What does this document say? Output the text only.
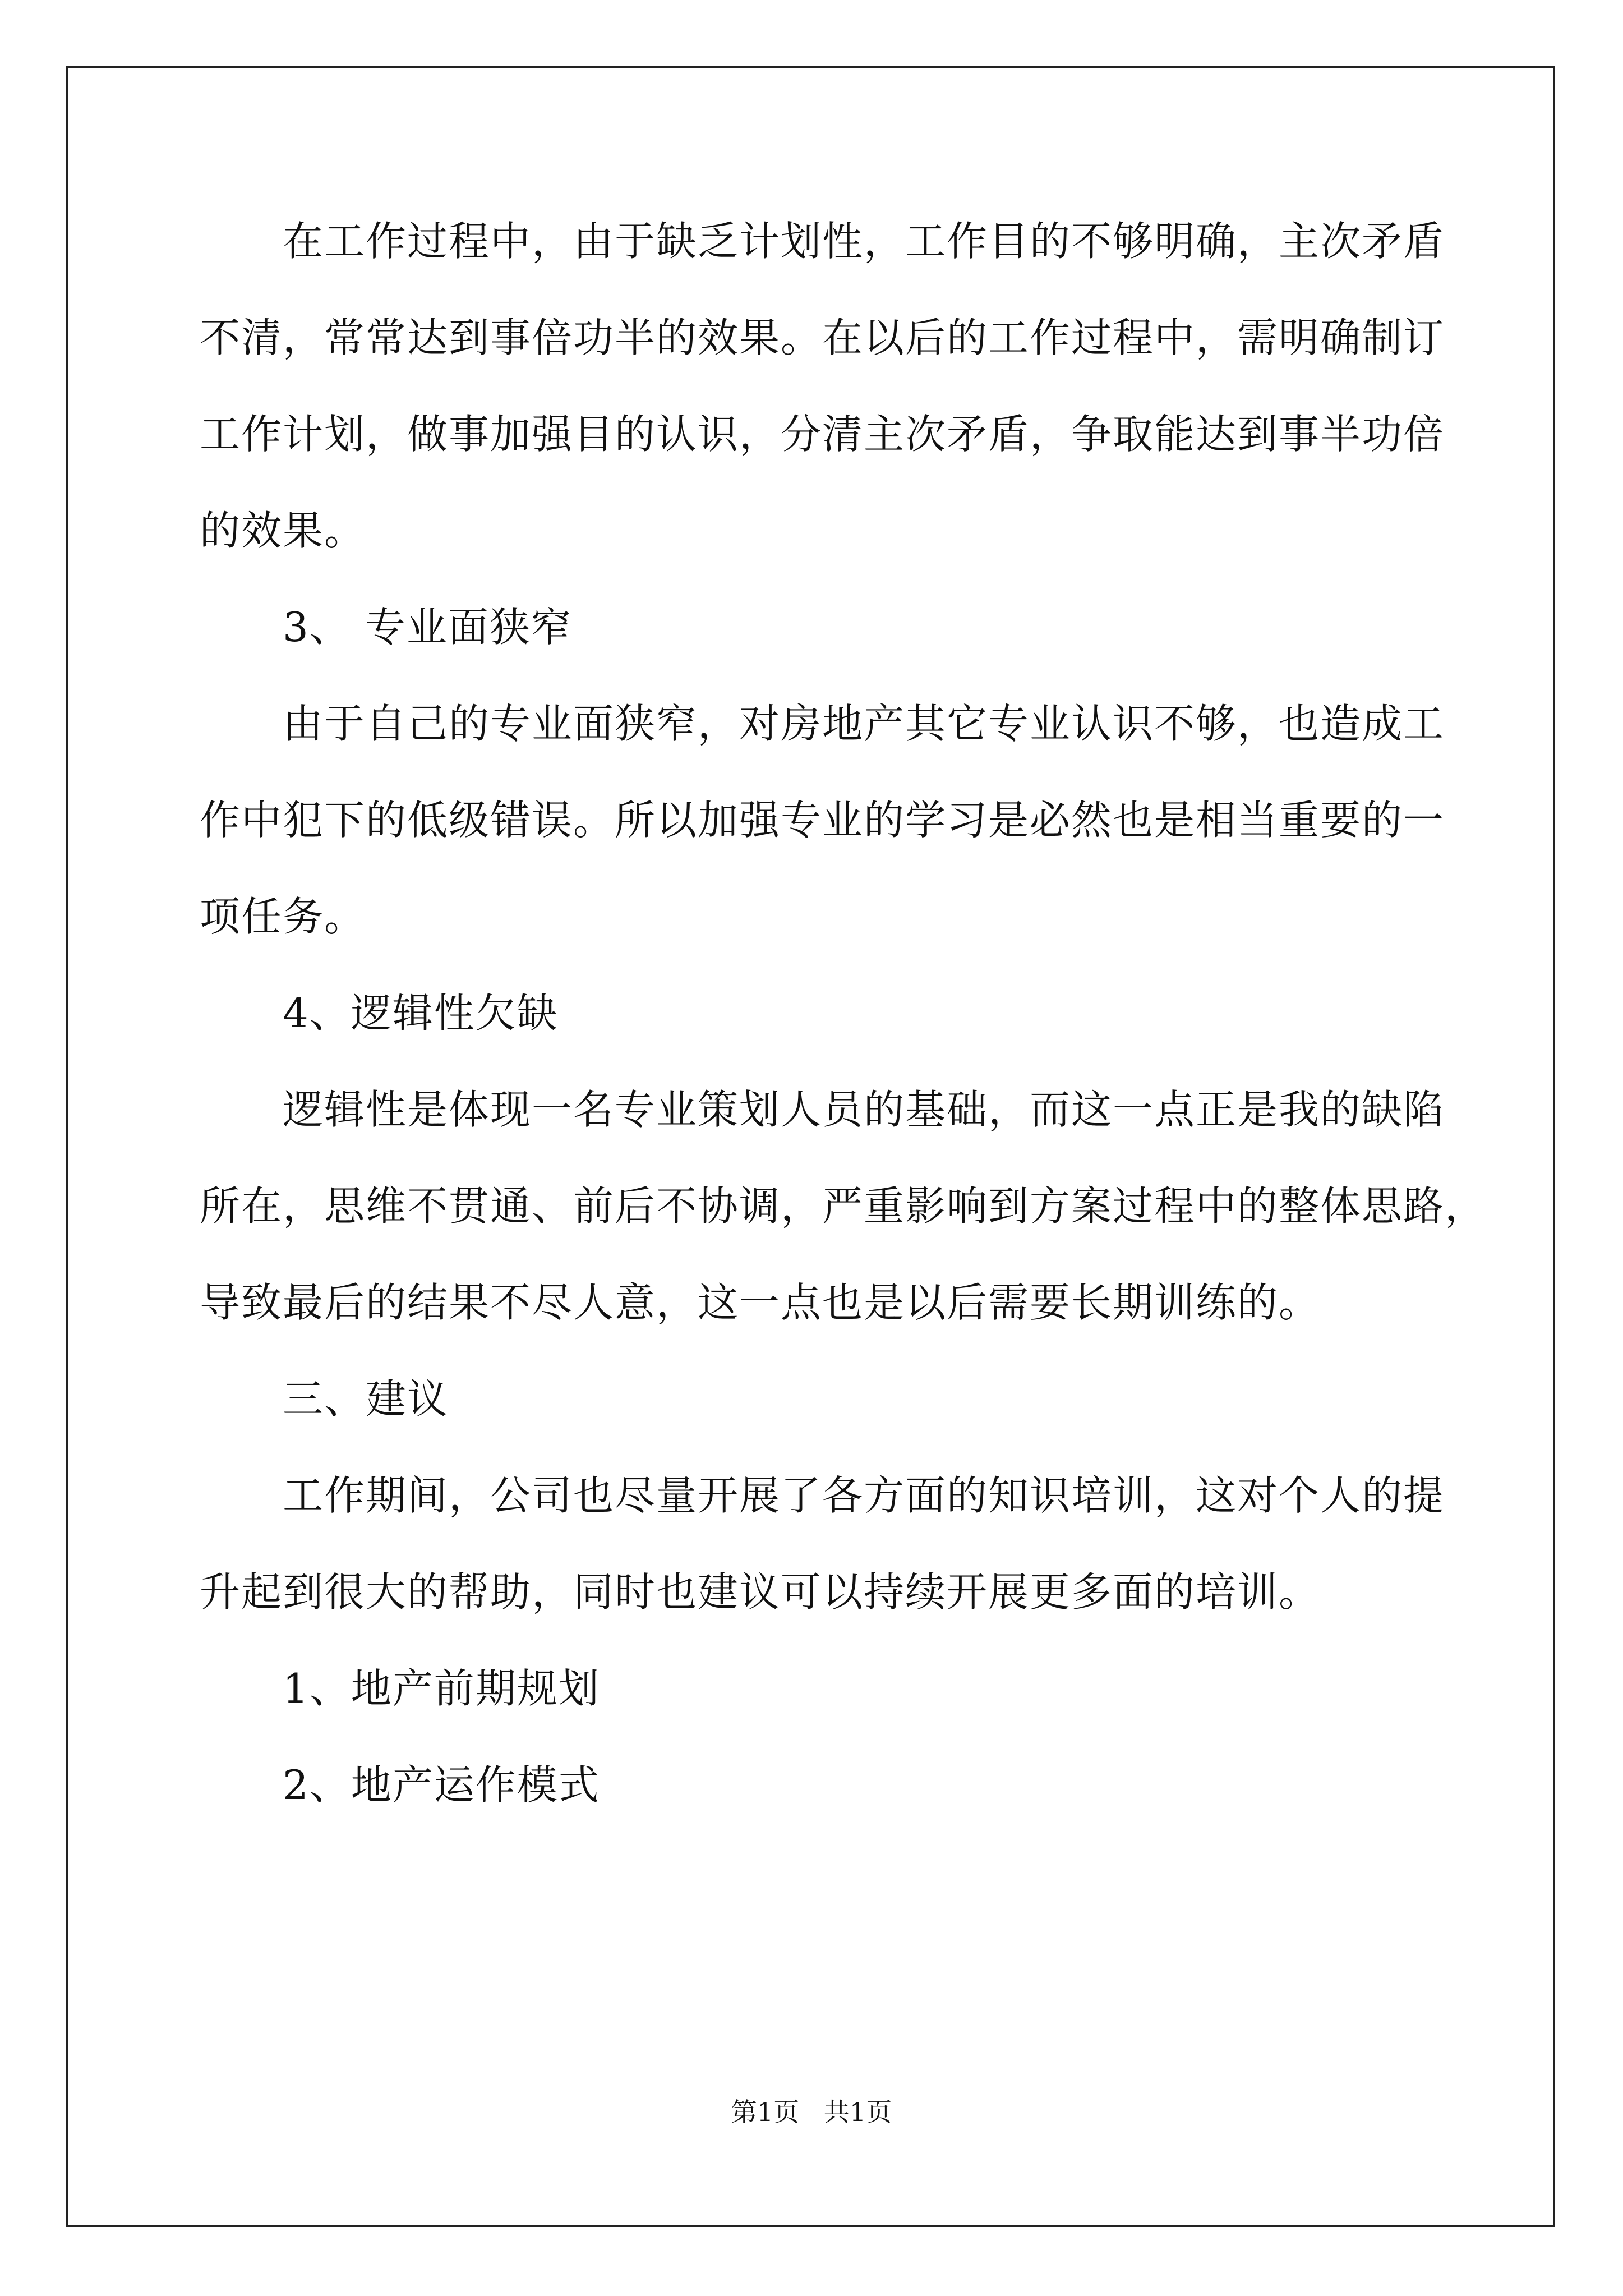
在工作过程中，由于缺乏计划性，工作目的不够明确，主次矛盾
不清，常常达到事倍功半的效果。在以后的工作过程中，需明确制订
工作计划，做事加强目的认识，分清主次矛盾，争取能达到事半功倍
的效果。
3、 专业面狭窄
由于自己的专业面狭窄，对房地产其它专业认识不够，也造成工
作中犯下的低级错误。所以加强专业的学习是必然也是相当重要的一
项任务。
4、逻辑性欠缺
逻辑性是体现一名专业策划人员的基础，而这一点正是我的缺陷
所在，思维不贯通、前后不协调，严重影响到方案过程中的整体思路，
导致最后的结果不尽人意，这一点也是以后需要长期训练的。
三、建议
工作期间，公司也尽量开展了各方面的知识培训，这对个人的提
升起到很大的帮助，同时也建议可以持续开展更多面的培训。
1、地产前期规划
2、地产运作模式
第1页   共1页
